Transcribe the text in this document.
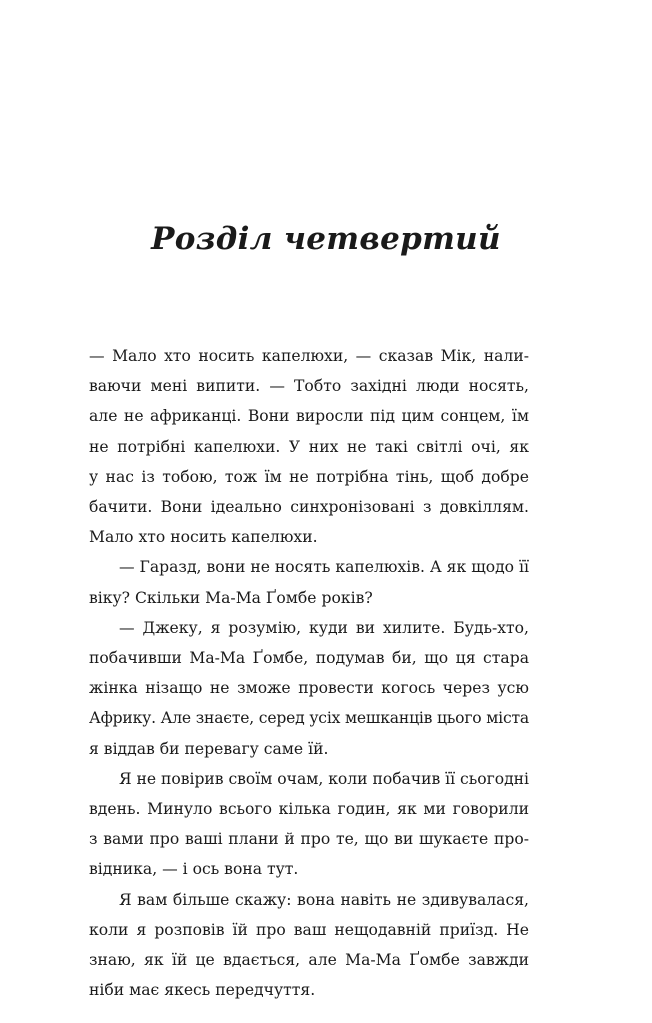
Розділ четвертий

— Мало хто носить капелюхи, — сказав Мік, нали-
ваючи мені випити. — Тобто західні люди носять,
але не африканці. Вони виросли під цим сонцем, їм
не потрібні капелюхи. У них не такі світлі очі, як
у нас із тобою, тож їм не потрібна тінь, щоб добре
бачити. Вони ідеально синхронізовані з довкіллям.
Мало хто носить капелюхи.

— Гаразд, вони не носять капелюхів. А як щодо її
віку? Скільки Ма-Ма Ґомбе років?

— Джеку, я розумію, куди ви хилите. Будь-хто,
побачивши Ма-Ма Ґомбе, подумав би, що ця стара
жінка нізащо не зможе провести когось через усю
Африку. Але знаєте, серед усіх мешканців цього міста
я віддав би перевагу саме їй.

Я не повірив своїм очам, коли побачив її сьогодні
вдень. Минуло всього кілька годин, як ми говорили
з вами про ваші плани й про те, що ви шукаєте про-
відника, — і ось вона тут.

Я вам більше скажу: вона навіть не здивувалася,
коли я розповів їй про ваш нещодавній приїзд. Не
знаю, як їй це вдається, але Ма-Ма Ґомбе завжди
ніби має якесь передчуття.
